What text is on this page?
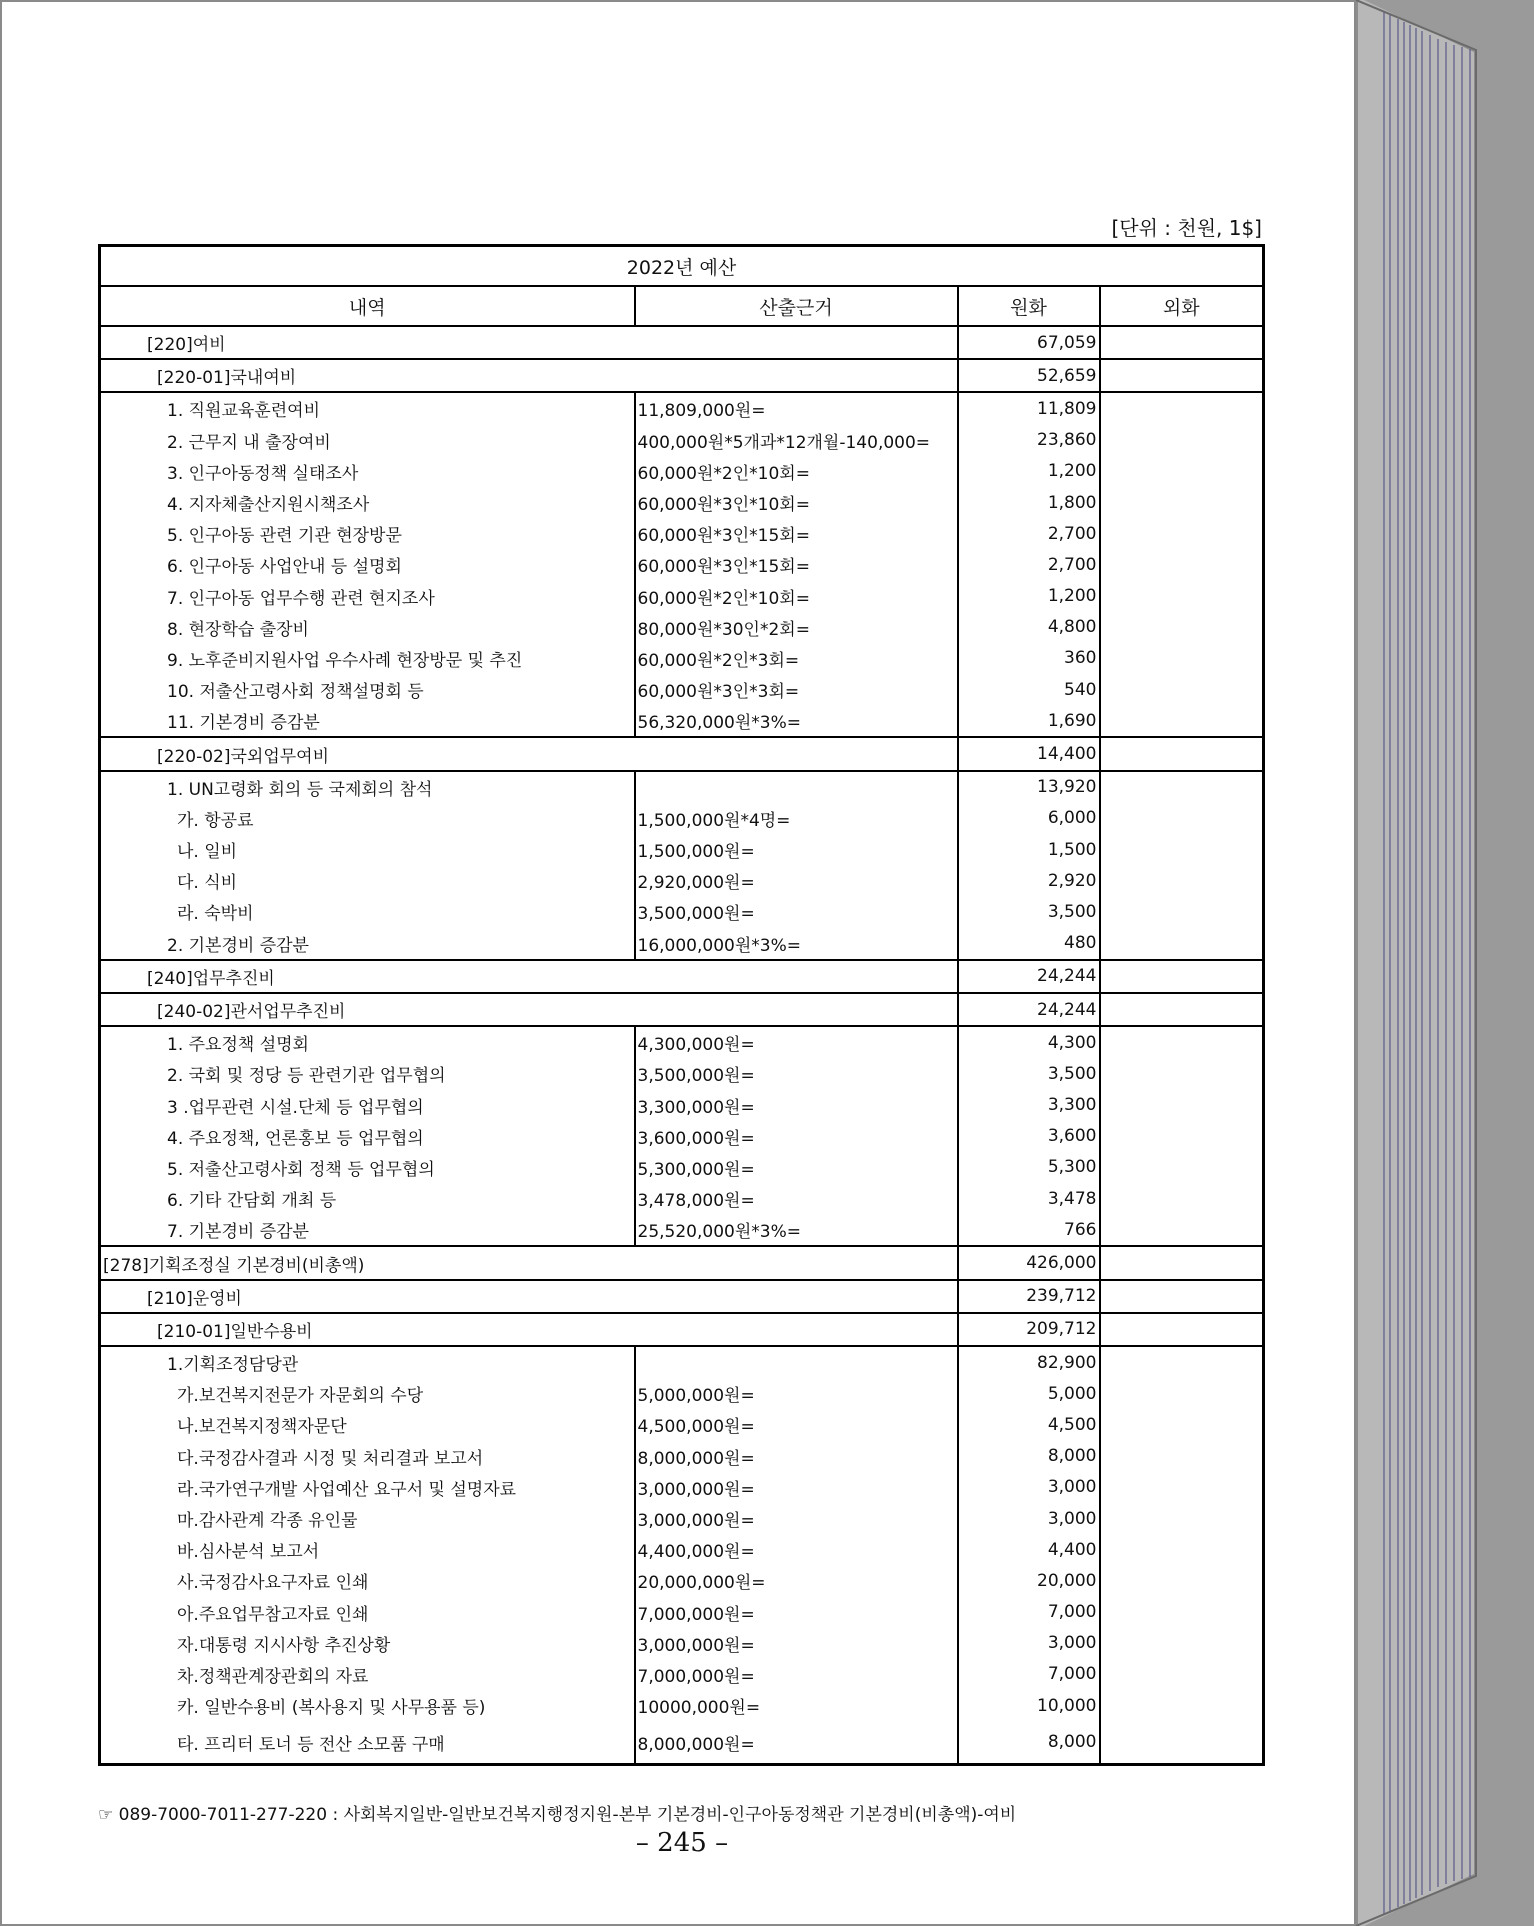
[단위 : 천원, 1$]
2022년 예산			
내역	산출근거	원화	외화
[220]여비		67,059	
[220-01]국내여비		52,659	
1. 직원교육훈련여비	11,809,000원=	11,809	
2. 근무지 내 출장여비	400,000원*5개과*12개월-140,000=	23,860	
3. 인구아동정책 실태조사	60,000원*2인*10회=	1,200	
4. 지자체출산지원시책조사	60,000원*3인*10회=	1,800	
5. 인구아동 관련 기관 현장방문	60,000원*3인*15회=	2,700	
6. 인구아동 사업안내 등 설명회	60,000원*3인*15회=	2,700	
7. 인구아동 업무수행 관련 현지조사	60,000원*2인*10회=	1,200	
8. 현장학습 출장비	80,000원*30인*2회=	4,800	
9. 노후준비지원사업 우수사례 현장방문 및 추진	60,000원*2인*3회=	360	
10. 저출산고령사회 정책설명회 등	60,000원*3인*3회=	540	
11. 기본경비 증감분	56,320,000원*3%=	1,690	
[220-02]국외업무여비		14,400	
1. UN고령화 회의 등 국제회의 참석		13,920	
가. 항공료	1,500,000원*4명=	6,000	
나. 일비	1,500,000원=	1,500	
다. 식비	2,920,000원=	2,920	
라. 숙박비	3,500,000원=	3,500	
2. 기본경비 증감분	16,000,000원*3%=	480	
[240]업무추진비		24,244	
[240-02]관서업무추진비		24,244	
1. 주요정책 설명회	4,300,000원=	4,300	
2. 국회 및 정당 등 관련기관 업무협의	3,500,000원=	3,500	
3 .업무관련 시설.단체 등 업무협의	3,300,000원=	3,300	
4. 주요정책, 언론홍보 등 업무협의	3,600,000원=	3,600	
5. 저출산고령사회 정책 등 업무협의	5,300,000원=	5,300	
6. 기타 간담회 개최 등	3,478,000원=	3,478	
7. 기본경비 증감분	25,520,000원*3%=	766	
[278]기획조정실 기본경비(비총액)		426,000	
[210]운영비		239,712	
[210-01]일반수용비		209,712	
1.기획조정담당관		82,900	
가.보건복지전문가 자문회의 수당	5,000,000원=	5,000	
나.보건복지정책자문단	4,500,000원=	4,500	
다.국정감사결과 시정 및 처리결과 보고서	8,000,000원=	8,000	
라.국가연구개발 사업예산 요구서 및 설명자료	3,000,000원=	3,000	
마.감사관계 각종 유인물	3,000,000원=	3,000	
바.심사분석 보고서	4,400,000원=	4,400	
사.국정감사요구자료 인쇄	20,000,000원=	20,000	
아.주요업무참고자료 인쇄	7,000,000원=	7,000	
자.대통령 지시사항 추진상황	3,000,000원=	3,000	
차.정책관계장관회의 자료	7,000,000원=	7,000	
카. 일반수용비 (복사용지 및 사무용품 등)	10000,000원=	10,000	
타. 프리터 토너 등 전산 소모품 구매	8,000,000원=	8,000	
☞ 089-7000-7011-277-220 : 사회복지일반-일반보건복지행정지원-본부 기본경비-인구아동정책관 기본경비(비총액)-여비
– 245 –
